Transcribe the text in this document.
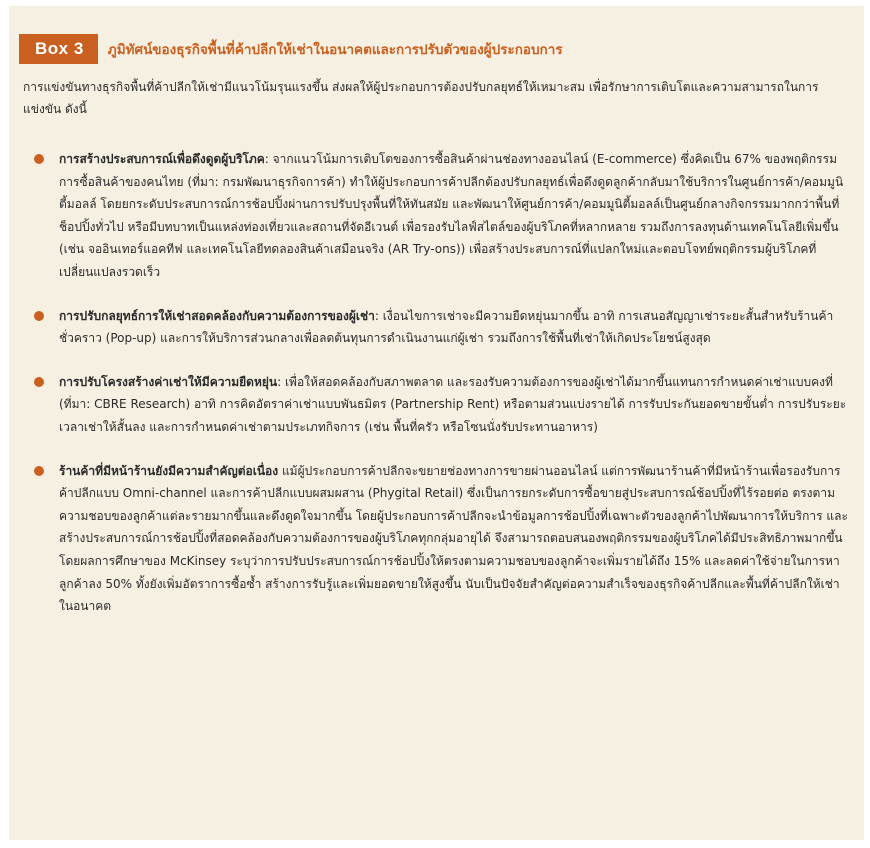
Box 3	ภูมิทัศน์ของธุรกิจพื้นที่ค้าปลีกให้เช่าในอนาคตและการปรับตัวของผู้ประกอบการ
การแข่งขันทางธุรกิจพื้นที่ค้าปลีกให้เช่ามีแนวโน้มรุนแรงขึ้น ส่งผลให้ผู้ประกอบการต้องปรับกลยุทธ์ให้เหมาะสม เพื่อรักษาการเติบโตและความสามารถในการแข่งขัน ดังนี้
การสร้างประสบการณ์เพื่อดึงดูดผู้บริโภค: จากแนวโน้มการเติบโตของการซื้อสินค้าผ่านช่องทางออนไลน์ (E-commerce) ซึ่งคิดเป็น 67% ของพฤติกรรมการซื้อสินค้าของคนไทย (ที่มา: กรมพัฒนาธุรกิจการค้า) ทำให้ผู้ประกอบการค้าปลีกต้องปรับกลยุทธ์เพื่อดึงดูดลูกค้ากลับมาใช้บริการในศูนย์การค้า/คอมมูนิตี้มอลล์ โดยยกระดับประสบการณ์การช้อปปิ้งผ่านการปรับปรุงพื้นที่ให้ทันสมัย และพัฒนาให้ศูนย์การค้า/คอมมูนิตี้มอลล์เป็นศูนย์กลางกิจกรรมมากกว่าพื้นที่ช็อปปิ้งทั่วไป หรือมีบทบาทเป็นแหล่งท่องเที่ยวและสถานที่จัดอีเวนต์ เพื่อรองรับไลฟ์สไตล์ของผู้บริโภคที่หลากหลาย รวมถึงการลงทุนด้านเทคโนโลยีเพิ่มขึ้น (เช่น จออินเทอร์แอคทีฟ และเทคโนโลยีทดลองสินค้าเสมือนจริง (AR Try-ons)) เพื่อสร้างประสบการณ์ที่แปลกใหม่และตอบโจทย์พฤติกรรมผู้บริโภคที่เปลี่ยนแปลงรวดเร็ว
การปรับกลยุทธ์การให้เช่าสอดคล้องกับความต้องการของผู้เช่า: เงื่อนไขการเช่าจะมีความยืดหยุ่นมากขึ้น อาทิ การเสนอสัญญาเช่าระยะสั้นสำหรับร้านค้าชั่วคราว (Pop-up) และการให้บริการส่วนกลางเพื่อลดต้นทุนการดำเนินงานแก่ผู้เช่า รวมถึงการใช้พื้นที่เช่าให้เกิดประโยชน์สูงสุด
การปรับโครงสร้างค่าเช่าให้มีความยืดหยุ่น: เพื่อให้สอดคล้องกับสภาพตลาด และรองรับความต้องการของผู้เช่าได้มากขึ้นแทนการกำหนดค่าเช่าแบบคงที่ (ที่มา: CBRE Research) อาทิ การคิดอัตราค่าเช่าแบบพันธมิตร (Partnership Rent) หรือตามส่วนแบ่งรายได้ การรับประกันยอดขายขั้นต่ำ การปรับระยะเวลาเช่าให้สั้นลง และการกำหนดค่าเช่าตามประเภทกิจการ (เช่น พื้นที่ครัว หรือโซนนั่งรับประทานอาหาร)
ร้านค้าที่มีหน้าร้านยังมีความสำคัญต่อเนื่อง แม้ผู้ประกอบการค้าปลีกจะขยายช่องทางการขายผ่านออนไลน์ แต่การพัฒนาร้านค้าที่มีหน้าร้านเพื่อรองรับการค้าปลีกแบบ Omni-channel และการค้าปลีกแบบผสมผสาน (Phygital Retail) ซึ่งเป็นการยกระดับการซื้อขายสู่ประสบการณ์ช้อปปิ้งที่ไร้รอยต่อ ตรงตามความชอบของลูกค้าแต่ละรายมากขึ้นและดึงดูดใจมากขึ้น โดยผู้ประกอบการค้าปลีกจะนำข้อมูลการช้อปปิ้งที่เฉพาะตัวของลูกค้าไปพัฒนาการให้บริการ และสร้างประสบการณ์การช้อปปิ้งที่สอดคล้องกับความต้องการของผู้บริโภคทุกกลุ่มอายุได้ จึงสามารถตอบสนองพฤติกรรมของผู้บริโภคได้มีประสิทธิภาพมากขึ้น โดยผลการศึกษาของ McKinsey ระบุว่าการปรับประสบการณ์การช้อปปิ้งให้ตรงตามความชอบของลูกค้าจะเพิ่มรายได้ถึง 15% และลดค่าใช้จ่ายในการหาลูกค้าลง 50% ทั้งยังเพิ่มอัตราการซื้อซ้ำ สร้างการรับรู้และเพิ่มยอดขายให้สูงขึ้น นับเป็นปัจจัยสำคัญต่อความสำเร็จของธุรกิจค้าปลีกและพื้นที่ค้าปลีกให้เช่าในอนาคต
